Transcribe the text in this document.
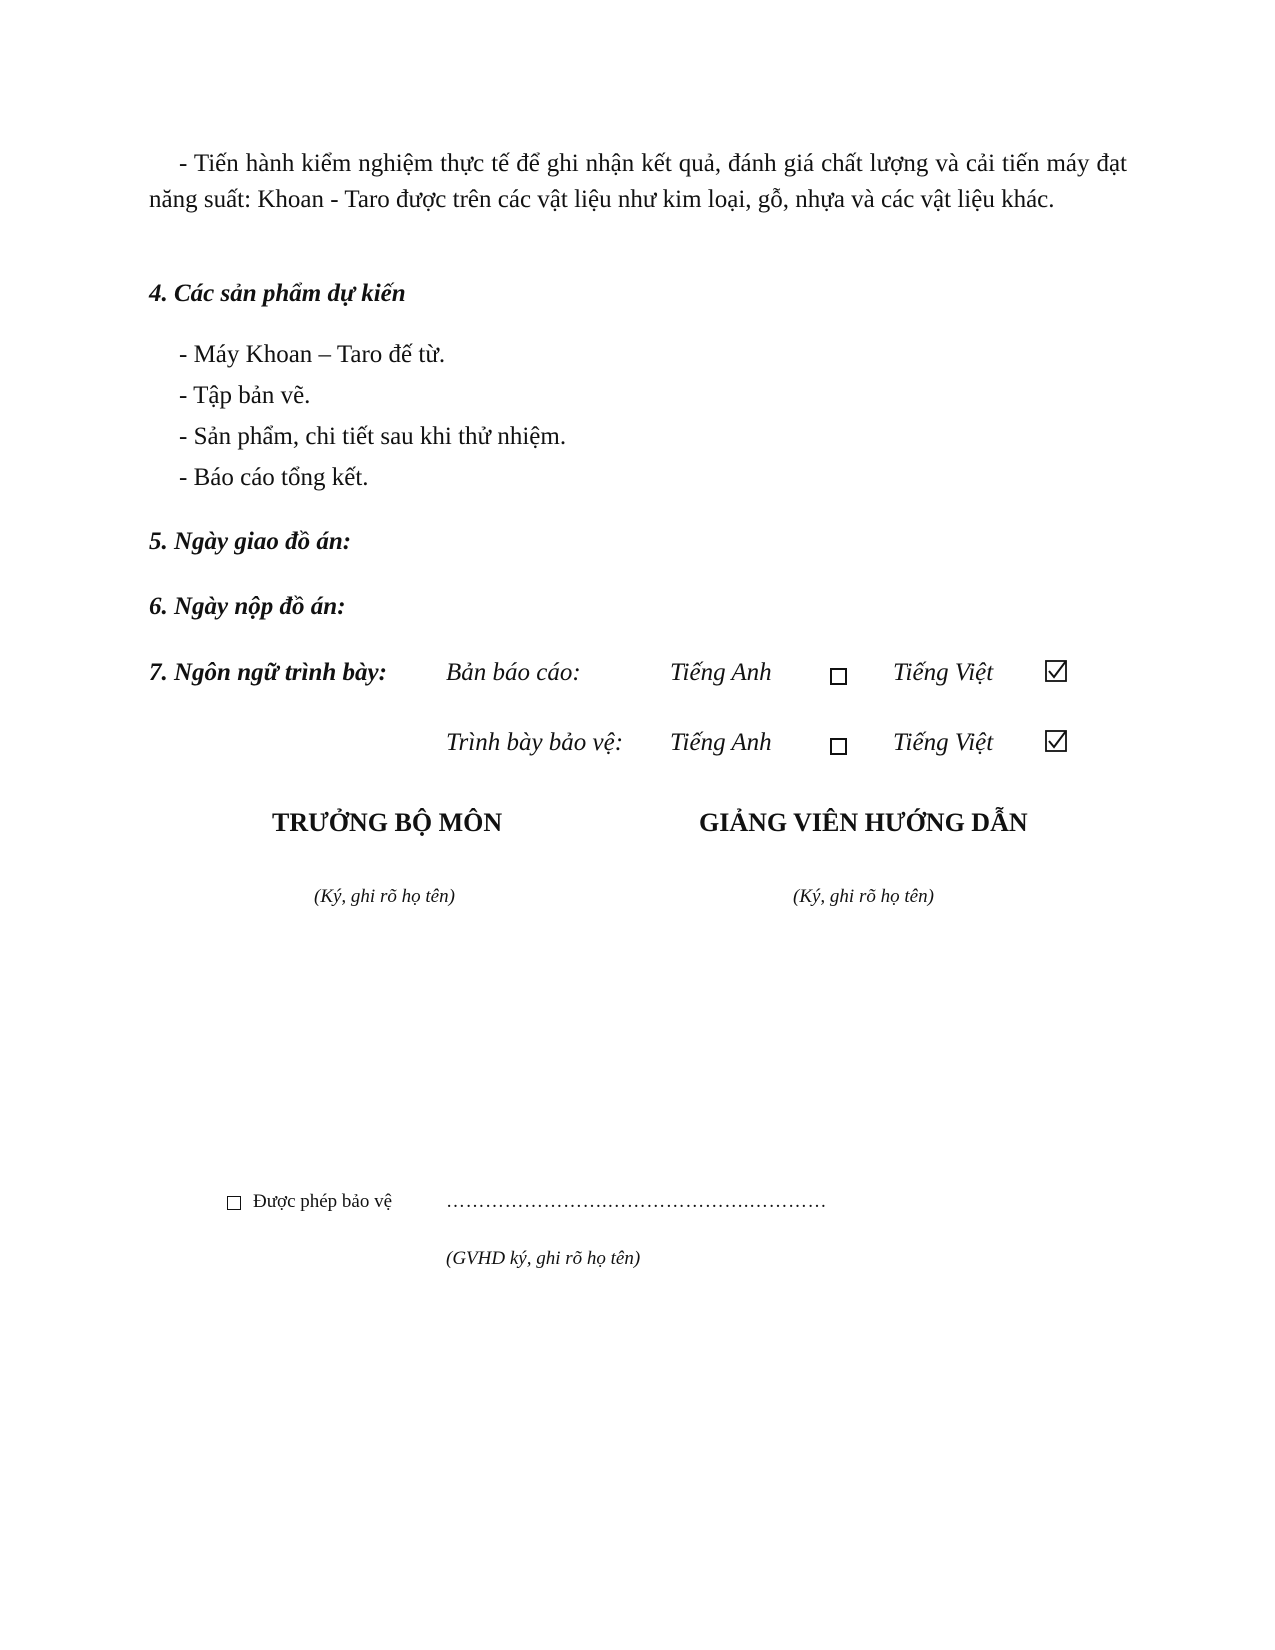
- Tiến hành kiểm nghiệm thực tế để ghi nhận kết quả, đánh giá chất lượng và cải tiến máy đạt năng suất: Khoan - Taro được trên các vật liệu như kim loại, gỗ, nhựa và các vật liệu khác.
4. Các sản phẩm dự kiến
- Máy Khoan – Taro đế từ.
- Tập bản vẽ.
- Sản phẩm, chi tiết sau khi thử nhiệm.
- Báo cáo tổng kết.
5. Ngày giao đồ án:
6. Ngày nộp đồ án:
7. Ngôn ngữ trình bày: Bản báo cáo:	Tiếng Anh	Tiếng Việt
Trình bày bảo vệ: Tiếng Anh	Tiếng Việt
TRƯỞNG BỘ MÔN
(Ký, ghi rõ họ tên)
GIẢNG VIÊN HƯỚNG DẪN
(Ký, ghi rõ họ tên)
Được phép bảo vệ	…………………….………………….…………
(GVHD ký, ghi rõ họ tên)
